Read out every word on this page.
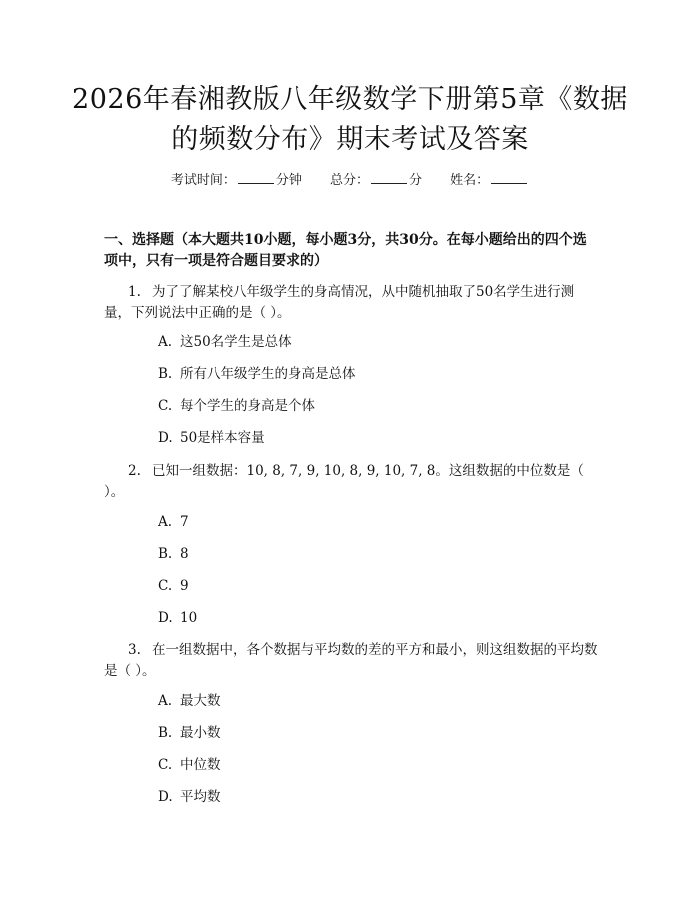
2026年春湘教版八年级数学下册第5章《数据的频数分布》期末考试及答案
考试时间：	分钟 总分：	分 姓名：
一、选择题（本大题共10小题，每小题3分，共30分。在每小题给出的四个选项中，只有一项是符合题目要求的）
1. 为了了解某校八年级学生的身高情况，从中随机抽取了50名学生进行测量，下列说法中正确的是（ ）。
A. 这50名学生是总体
B. 所有八年级学生的身高是总体
C. 每个学生的身高是个体
D. 50是样本容量
2. 已知一组数据：10, 8, 7, 9, 10, 8, 9, 10, 7, 8。这组数据的中位数是（ ）。
A. 7
B. 8
C. 9
D. 10
3. 在一组数据中，各个数据与平均数的差的平方和最小，则这组数据的平均数是（ ）。
A. 最大数
B. 最小数
C. 中位数
D. 平均数
